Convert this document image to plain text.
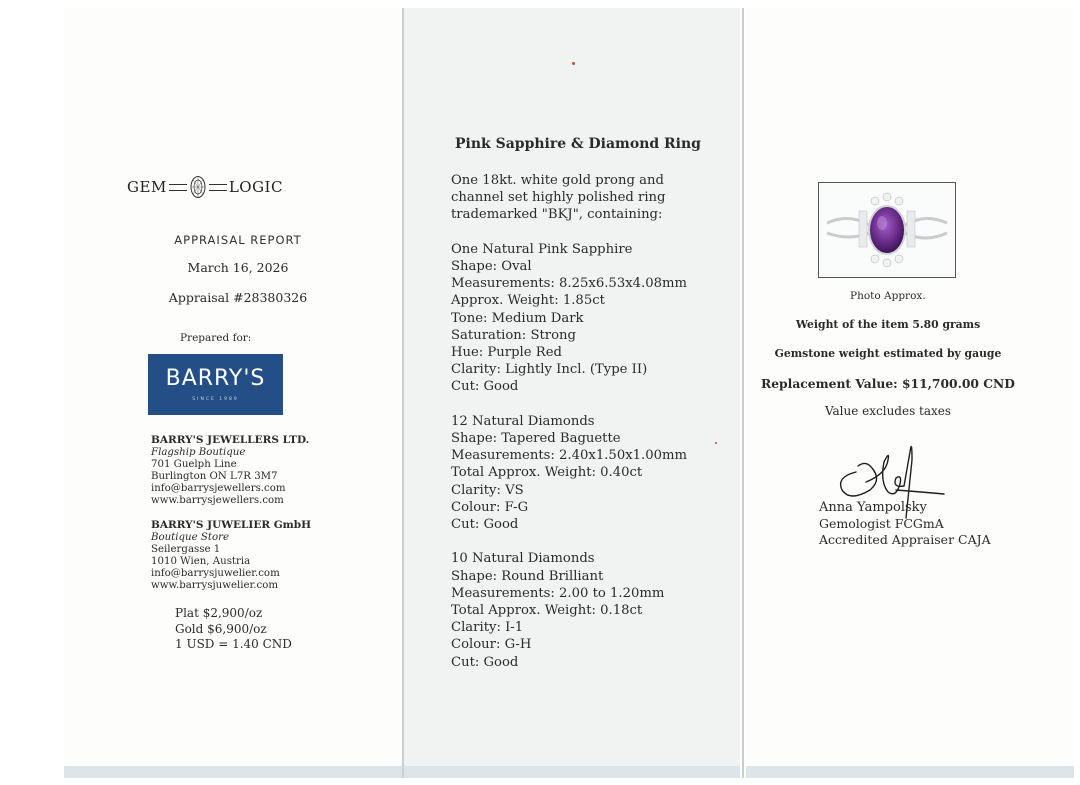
GEM	LOGIC
APPRAISAL REPORT
March 16, 2026
Appraisal #28380326
Prepared for:
BARRY'S
SINCE 1989
BARRY'S JEWELLERS LTD.
Flagship Boutique
701 Guelph Line
Burlington ON L7R 3M7
info@barrysjewellers.com
www.barrysjewellers.com
BARRY'S JUWELIER GmbH
Boutique Store
Seilergasse 1
1010 Wien, Austria
info@barrysjuwelier.com
www.barrysjuwelier.com
Plat $2,900/oz
Gold $6,900/oz
1 USD = 1.40 CND
Pink Sapphire & Diamond Ring
One 18kt. white gold prong and
channel set highly polished ring
trademarked "BKJ", containing:
One Natural Pink Sapphire
Shape: Oval
Measurements: 8.25x6.53x4.08mm
Approx. Weight: 1.85ct
Tone: Medium Dark
Saturation: Strong
Hue: Purple Red
Clarity: Lightly Incl. (Type II)
Cut: Good
12 Natural Diamonds
Shape: Tapered Baguette
Measurements: 2.40x1.50x1.00mm
Total Approx. Weight: 0.40ct
Clarity: VS
Colour: F-G
Cut: Good
10 Natural Diamonds
Shape: Round Brilliant
Measurements: 2.00 to 1.20mm
Total Approx. Weight: 0.18ct
Clarity: I-1
Colour: G-H
Cut: Good
Photo Approx.
Weight of the item 5.80 grams
Gemstone weight estimated by gauge
Replacement Value: $11,700.00 CND
Value excludes taxes
Anna Yampolsky
Gemologist FCGmA
Accredited Appraiser CAJA
